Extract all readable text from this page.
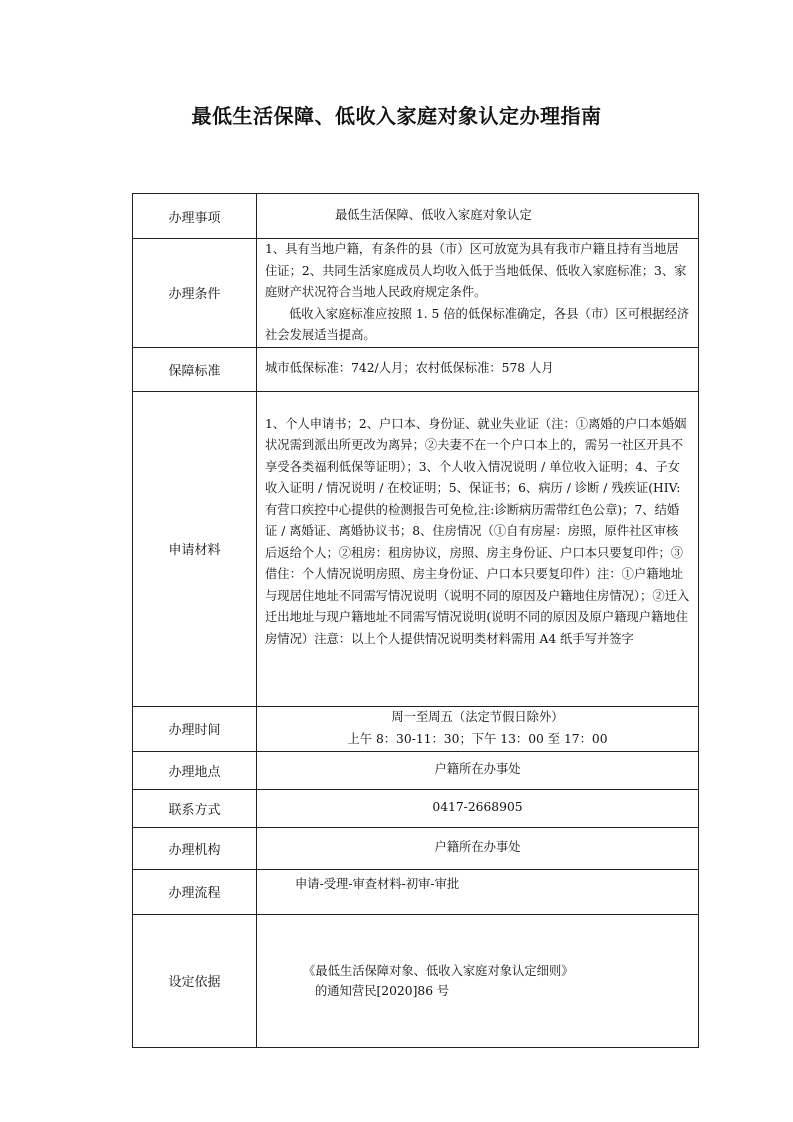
最低生活保障、低收入家庭对象认定办理指南
办理事项	最低生活保障、低收入家庭对象认定

办理条件	1、具有当地户籍，有条件的县（市）区可放宽为具有我市户籍且持有当地居住证；2、共同生活家庭成员人均收入低于当地低保、低收入家庭标准；3、家庭财产状况符合当地人民政府规定条件。
低收入家庭标准应按照 1. 5 倍的低保标准确定，各县（市）区可根据经济社会发展适当提高。

保障标准	城市低保标准：742/人月；农村低保标准：578 人月

申请材料	1、个人申请书；2、户口本、身份证、就业失业证（注：①离婚的户口本婚姻状况需到派出所更改为离异；②夫妻不在一个户口本上的，需另一社区开具不享受各类福利低保等证明）；3、个人收入情况说明 / 单位收入证明；4、子女收入证明 / 情况说明 / 在校证明；5、保证书；6、病历 / 诊断 / 残疾证(HIV:有营口疾控中心提供的检测报告可免检,注:诊断病历需带红色公章)；7、结婚证 / 离婚证、离婚协议书；8、住房情况（①自有房屋：房照，原件社区审核后返给个人；②租房：租房协议，房照、房主身份证、户口本只要复印件；③借住：个人情况说明房照、房主身份证、户口本只要复印件）注：①户籍地址与现居住地址不同需写情况说明（说明不同的原因及户籍地住房情况）；②迁入迁出地址与现户籍地址不同需写情况说明(说明不同的原因及原户籍现户籍地住房情况）注意：以上个人提供情况说明类材料需用 A4 纸手写并签字

办理时间	周一至周五（法定节假日除外）
上午 8：30-11：30；下午 13：00 至 17：00

办理地点	户籍所在办事处
联系方式	0417-2668905
办理机构	户籍所在办事处
办理流程	申请-受理-审查材料-初审-审批

设定依据	《最低生活保障对象、低收入家庭对象认定细则》
的通知营民[2020]86 号
